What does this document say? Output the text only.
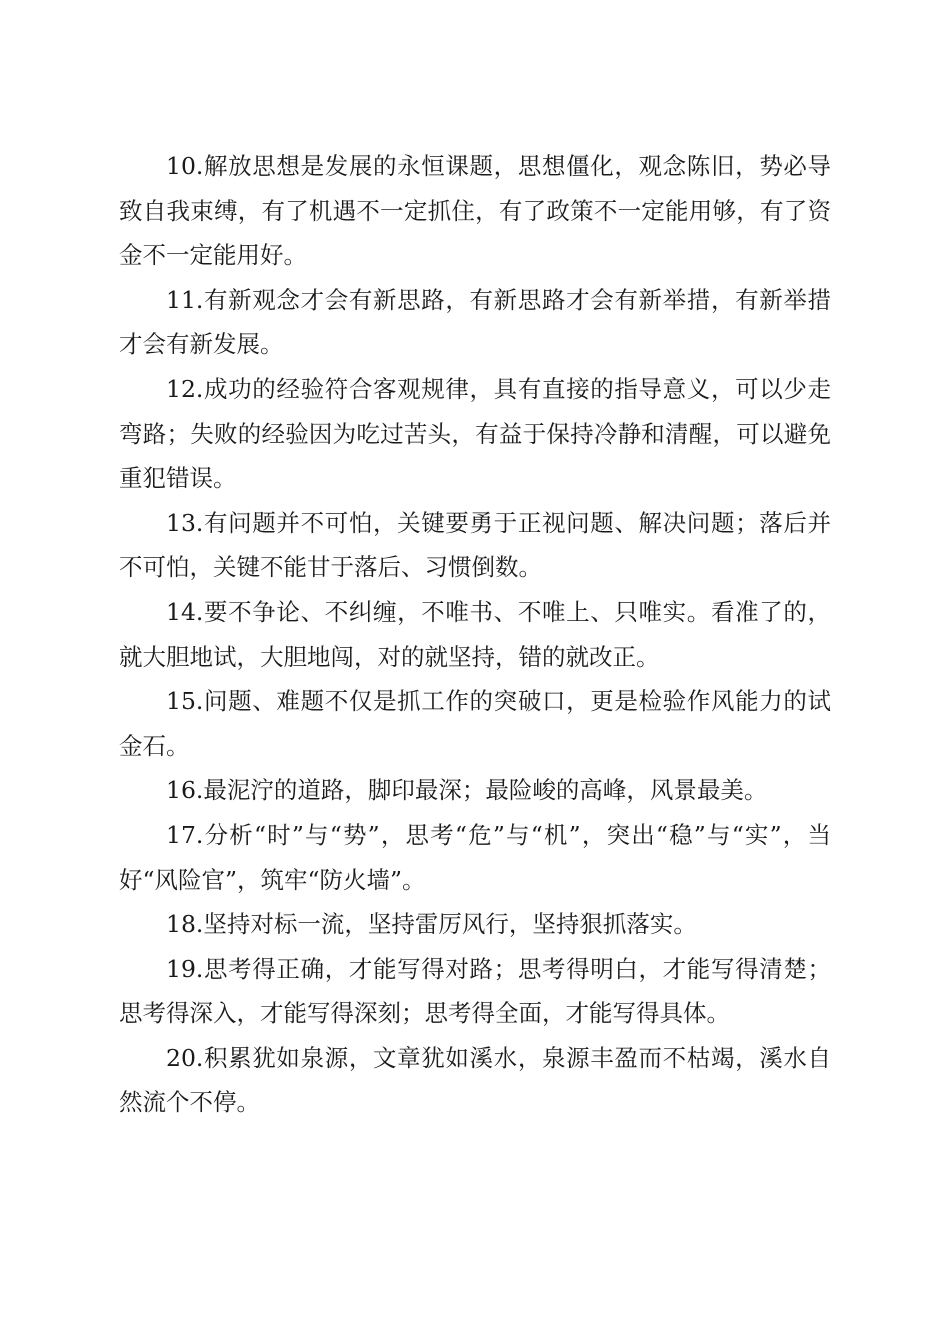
10.解放思想是发展的永恒课题，思想僵化，观念陈旧，势必导致自我束缚，有了机遇不一定抓住，有了政策不一定能用够，有了资金不一定能用好。

11.有新观念才会有新思路，有新思路才会有新举措，有新举措才会有新发展。

12.成功的经验符合客观规律，具有直接的指导意义，可以少走弯路；失败的经验因为吃过苦头，有益于保持冷静和清醒，可以避免重犯错误。

13.有问题并不可怕，关键要勇于正视问题、解决问题；落后并不可怕，关键不能甘于落后、习惯倒数。

14.要不争论、不纠缠，不唯书、不唯上、只唯实。看准了的，就大胆地试，大胆地闯，对的就坚持，错的就改正。

15.问题、难题不仅是抓工作的突破口，更是检验作风能力的试金石。

16.最泥泞的道路，脚印最深；最险峻的高峰，风景最美。

17.分析“时”与“势”，思考“危”与“机”，突出“稳”与“实”，当好“风险官”，筑牢“防火墙”。

18.坚持对标一流，坚持雷厉风行，坚持狠抓落实。

19.思考得正确，才能写得对路；思考得明白，才能写得清楚；思考得深入，才能写得深刻；思考得全面，才能写得具体。

20.积累犹如泉源，文章犹如溪水，泉源丰盈而不枯竭，溪水自然流个不停。
